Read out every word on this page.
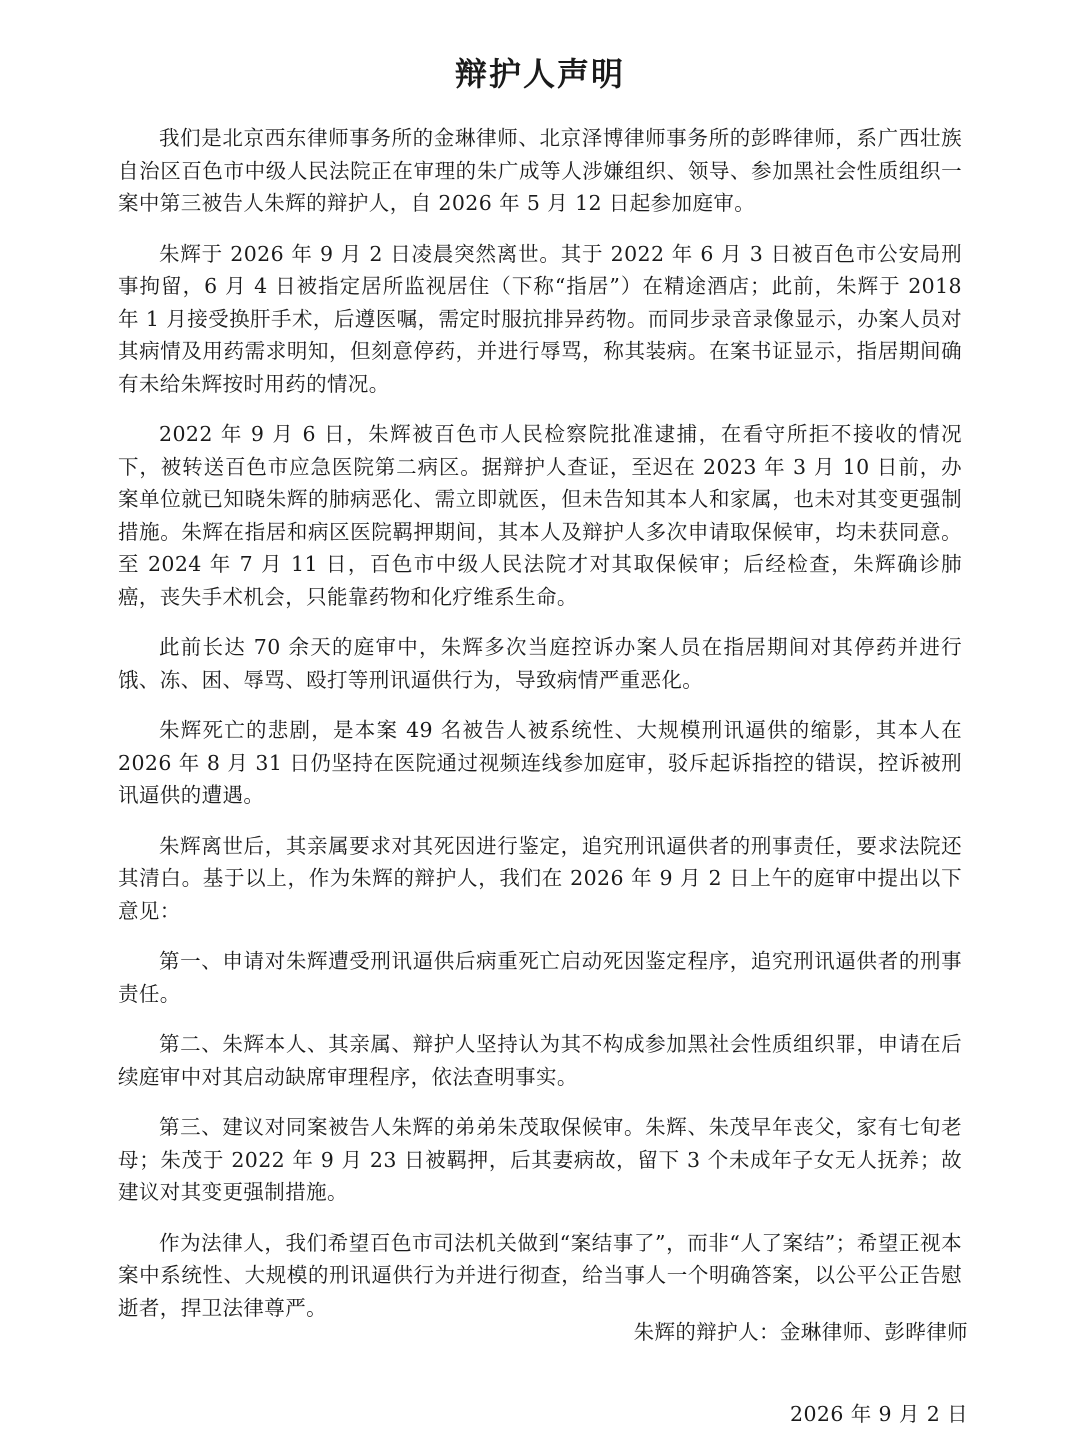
辩护人声明

我们是北京西东律师事务所的金琳律师、北京泽博律师事务所的彭晔律师，系广西壮族自治区百色市中级人民法院正在审理的朱广成等人涉嫌组织、领导、参加黑社会性质组织一案中第三被告人朱辉的辩护人，自 2026 年 5 月 12 日起参加庭审。

朱辉于 2026 年 9 月 2 日凌晨突然离世。其于 2022 年 6 月 3 日被百色市公安局刑事拘留，6 月 4 日被指定居所监视居住（下称“指居”）在精途酒店；此前，朱辉于 2018 年 1 月接受换肝手术，后遵医嘱，需定时服抗排异药物。而同步录音录像显示，办案人员对其病情及用药需求明知，但刻意停药，并进行辱骂，称其装病。在案书证显示，指居期间确有未给朱辉按时用药的情况。

2022 年 9 月 6 日，朱辉被百色市人民检察院批准逮捕，在看守所拒不接收的情况下，被转送百色市应急医院第二病区。据辩护人查证，至迟在 2023 年 3 月 10 日前，办案单位就已知晓朱辉的肺病恶化、需立即就医，但未告知其本人和家属，也未对其变更强制措施。朱辉在指居和病区医院羁押期间，其本人及辩护人多次申请取保候审，均未获同意。至 2024 年 7 月 11 日，百色市中级人民法院才对其取保候审；后经检查，朱辉确诊肺癌，丧失手术机会，只能靠药物和化疗维系生命。

此前长达 70 余天的庭审中，朱辉多次当庭控诉办案人员在指居期间对其停药并进行饿、冻、困、辱骂、殴打等刑讯逼供行为，导致病情严重恶化。

朱辉死亡的悲剧，是本案 49 名被告人被系统性、大规模刑讯逼供的缩影，其本人在 2026 年 8 月 31 日仍坚持在医院通过视频连线参加庭审，驳斥起诉指控的错误，控诉被刑讯逼供的遭遇。

朱辉离世后，其亲属要求对其死因进行鉴定，追究刑讯逼供者的刑事责任，要求法院还其清白。基于以上，作为朱辉的辩护人，我们在 2026 年 9 月 2 日上午的庭审中提出以下意见：

第一、申请对朱辉遭受刑讯逼供后病重死亡启动死因鉴定程序，追究刑讯逼供者的刑事责任。

第二、朱辉本人、其亲属、辩护人坚持认为其不构成参加黑社会性质组织罪，申请在后续庭审中对其启动缺席审理程序，依法查明事实。

第三、建议对同案被告人朱辉的弟弟朱茂取保候审。朱辉、朱茂早年丧父，家有七旬老母；朱茂于 2022 年 9 月 23 日被羁押，后其妻病故，留下 3 个未成年子女无人抚养；故建议对其变更强制措施。

作为法律人，我们希望百色市司法机关做到“案结事了”，而非“人了案结”；希望正视本案中系统性、大规模的刑讯逼供行为并进行彻查，给当事人一个明确答案，以公平公正告慰逝者，捍卫法律尊严。

朱辉的辩护人：金琳律师、彭晔律师
2026 年 9 月 2 日
